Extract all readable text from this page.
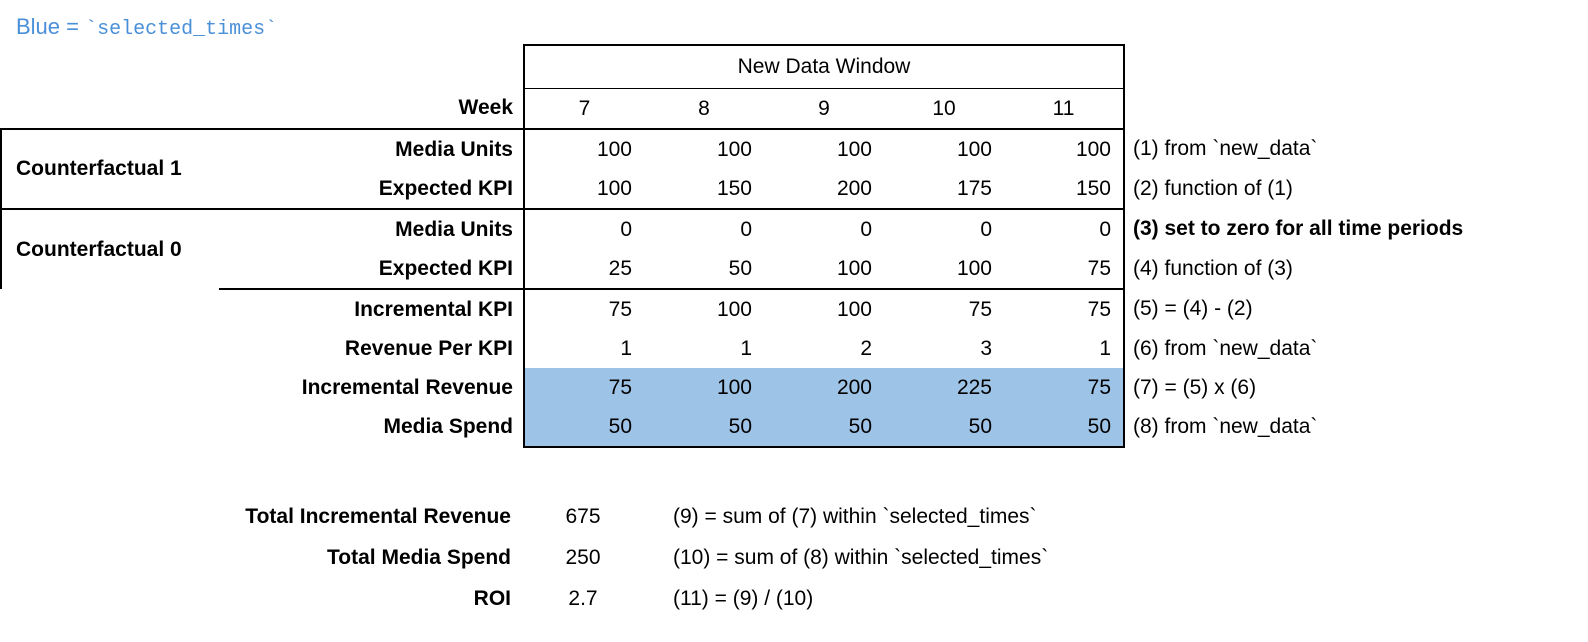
Blue = `selected_times`
		New Data Window					
	Week	7	8	9	10	11	
Counterfactual 1	Media Units	100	100	100	100	100	(1) from `new_data`
	Expected KPI	100	150	200	175	150	(2) function of (1)
Counterfactual 0	Media Units	0	0	0	0	0	(3) set to zero for all time periods
	Expected KPI	25	50	100	100	75	(4) function of (3)
	Incremental KPI	75	100	100	75	75	(5) = (4) - (2)
	Revenue Per KPI	1	1	2	3	1	(6) from `new_data`
	Incremental Revenue	75	100	200	225	75	(7) = (5) x (6)
	Media Spend	50	50	50	50	50	(8) from `new_data`
Total Incremental Revenue	675	(9) = sum of (7) within `selected_times`
Total Media Spend	250	(10) = sum of (8) within `selected_times`
ROI	2.7	(11) = (9) / (10)
